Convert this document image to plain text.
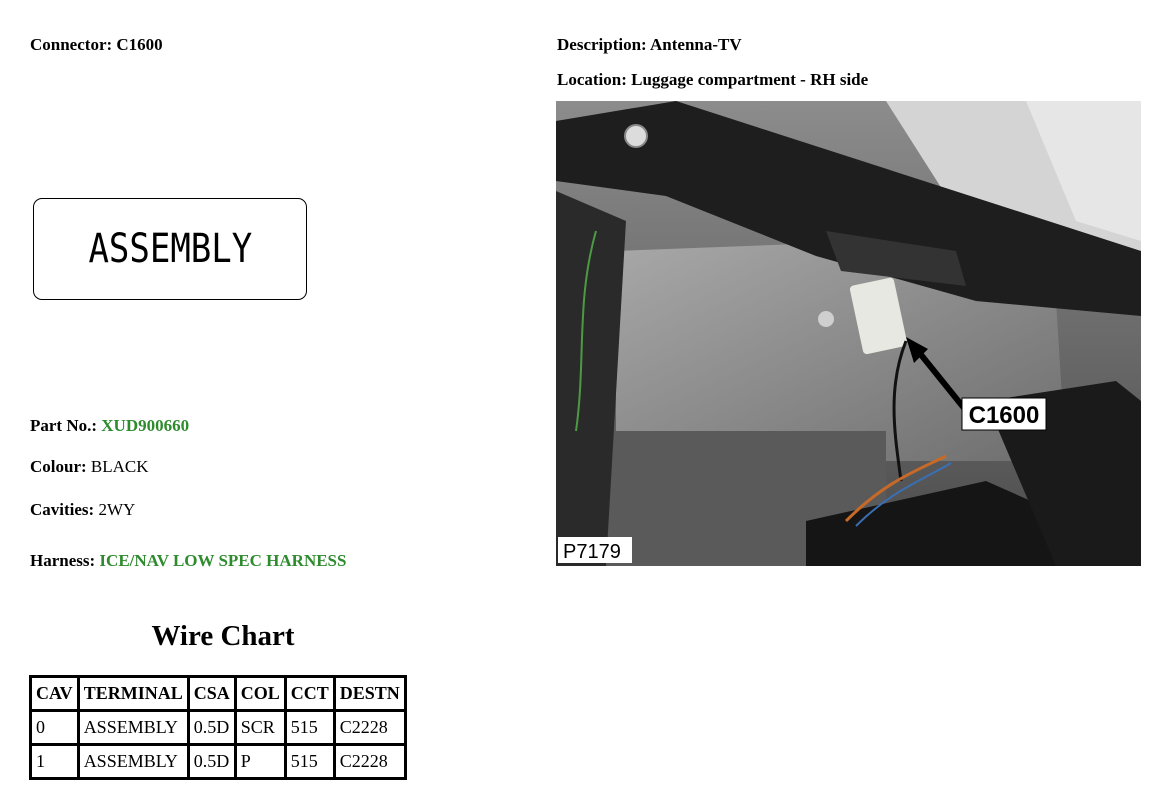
Connector: C1600	Description: Antenna-TV
Location: Luggage compartment - RH side
ASSEMBLY
Part No.: XUD900660
Colour: BLACK
Cavities: 2WY
Harness: ICE/NAV LOW SPEC HARNESS
Wire Chart
CAV	TERMINAL	CSA	COL	CCT	DESTN
0	ASSEMBLY	0.5D	SCR	515	C2228
1	ASSEMBLY	0.5D	P	515	C2228
C1600
P7179
